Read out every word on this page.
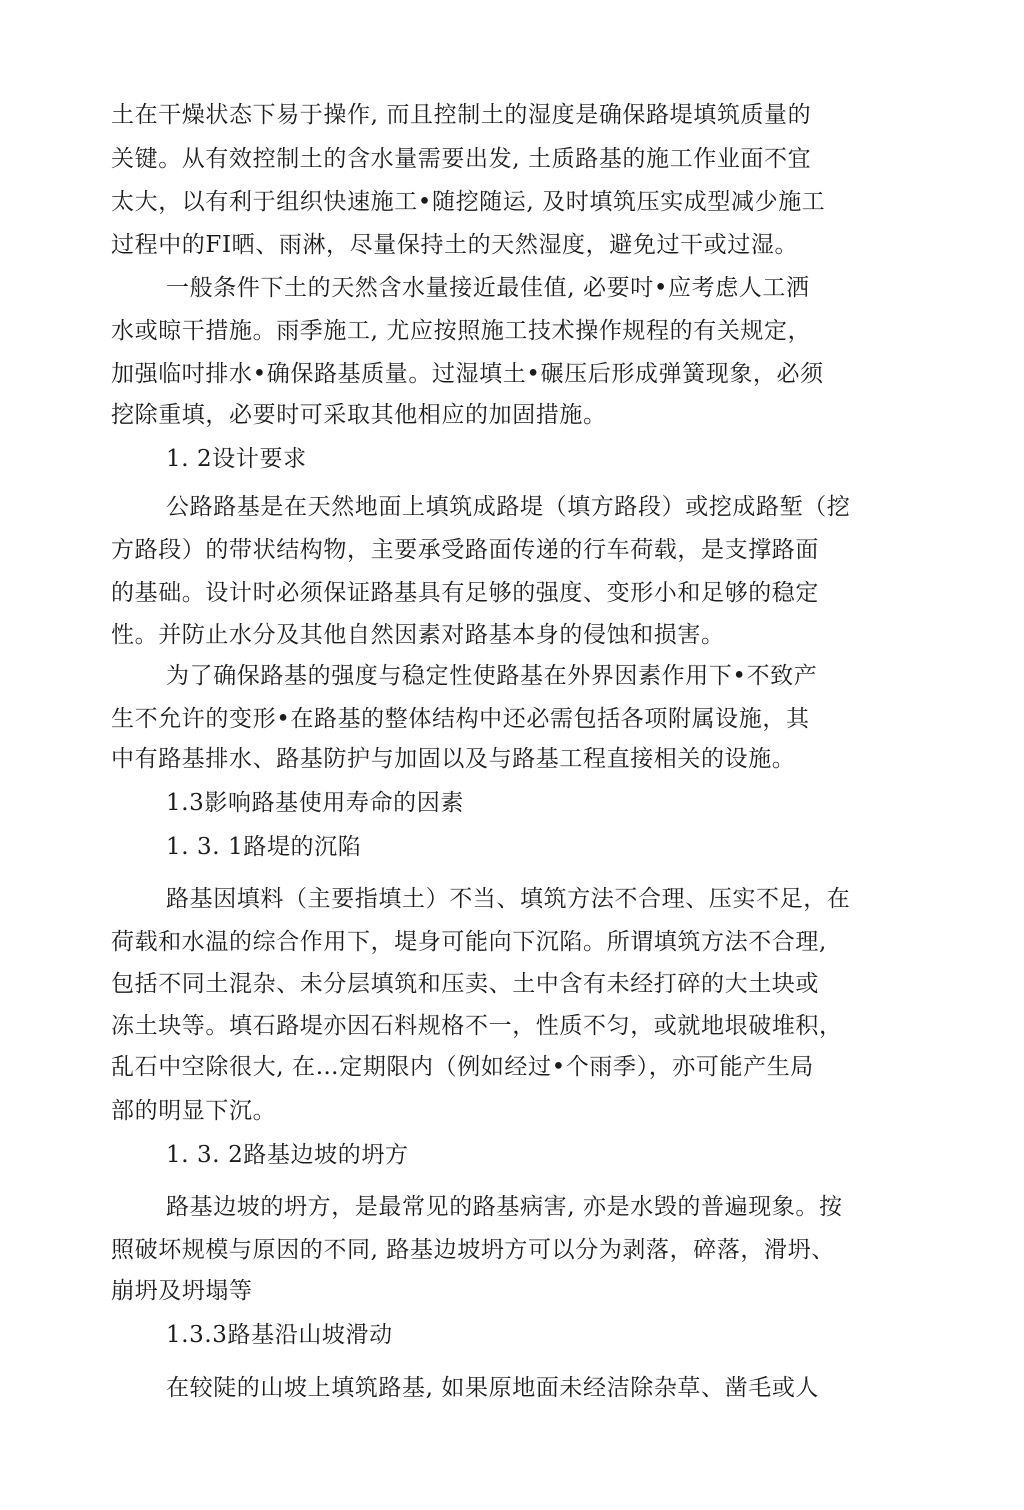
土在干燥状态下易于操作, 而且控制土的湿度是确保路堤填筑质量的
关键。从有效控制土的含水量需要出发, 土质路基的施工作业面不宜
太大，以有利于组织快速施工•随挖随运, 及时填筑压实成型减少施工
过程中的FI晒、雨淋，尽量保持土的天然湿度，避免过干或过湿。
一般条件下土的天然含水量接近最佳值, 必要吋•应考虑人工洒
水或晾干措施。雨季施工, 尤应按照施工技术操作规程的有关规定，
加强临吋排水•确保路基质量。过湿填土•碾压后形成弹簧现象，必须
挖除重填，必要时可采取其他相应的加固措施。
1. 2设计要求
公路路基是在天然地面上填筑成路堤（填方路段）或挖成路堑（挖
方路段）的带状结构物，主要承受路面传递的行车荷载，是支撑路面
的基础。设计时必须保证路基具有足够的强度、变形小和足够的稳定
性。并防止水分及其他自然因素对路基本身的侵蚀和损害。
为了确保路基的强度与稳定性使路基在外界因素作用下•不致产
生不允许的变形•在路基的整体结构中还必需包括各项附属设施，其
中有路基排水、路基防护与加固以及与路基工程直接相关的设施。
1.3影响路基使用寿命的因素
1. 3. 1路堤的沉陷
路基因填料（主要指填土）不当、填筑方法不合理、压实不足，在
荷载和水温的综合作用下，堤身可能向下沉陷。所谓填筑方法不合理,
包括不同土混杂、未分层填筑和压卖、土中含有未经打碎的大土块或
冻土块等。填石路堤亦因石料规格不一，性质不匀，或就地垠破堆积，
乱石中空除很大, 在…定期限内（例如经过•个雨季），亦可能产生局
部的明显下沉。
1. 3. 2路基边坡的坍方
路基边坡的坍方，是最常见的路基病害, 亦是水毁的普遍现象。按
照破坏规模与原因的不同, 路基边坡坍方可以分为剥落，碎落，滑坍、
崩坍及坍塌等
1.3.3路基沿山坡滑动
在较陡的山坡上填筑路基, 如果原地面未经洁除杂草、凿毛或人
